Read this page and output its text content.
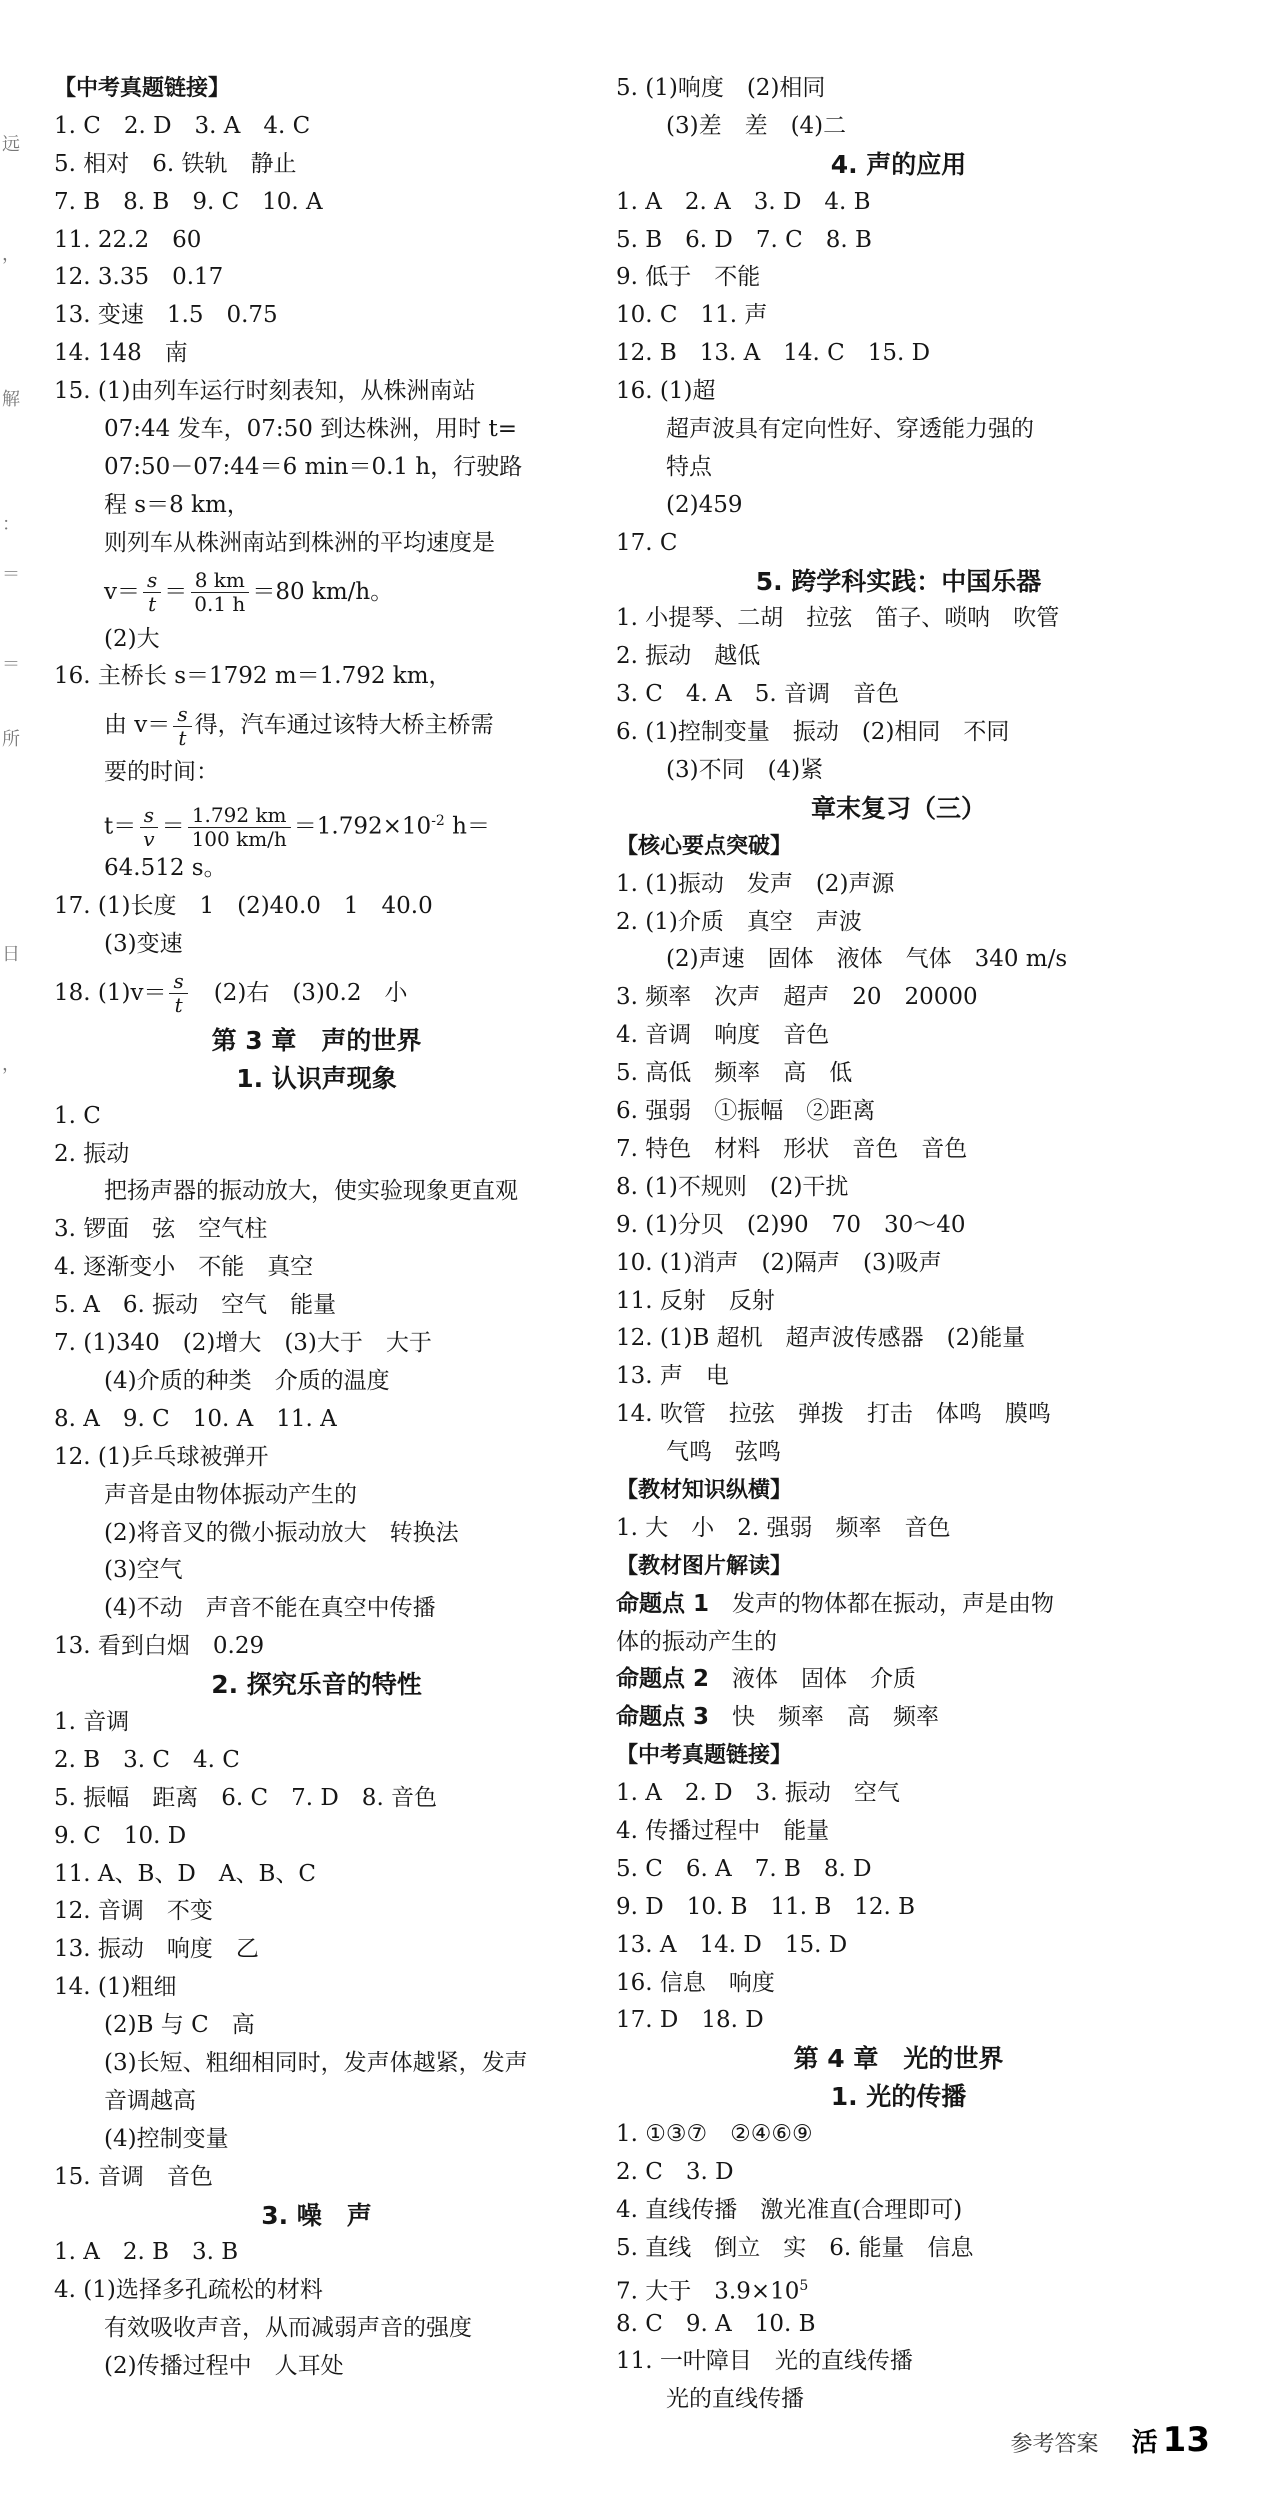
远
，
解
：
＝
＝
所
日
，
【中考真题链接】
1. C　2. D　3. A　4. C
5. 相对　6. 铁轨　静止
7. B　8. B　9. C　10. A
11. 22.2　60
12. 3.35　0.17
13. 变速　1.5　0.75
14. 148　南
15. (1)由列车运行时刻表知，从株洲南站
07:44 发车，07:50 到达株洲，用时 t=
07:50－07:44＝6 min＝0.1 h，行驶路
程 s＝8 km，
则列车从株洲南站到株洲的平均速度是
$v= \frac{s}{t} = \frac{8 km}{0.1 h} =80$ km/h。
(2)大
16. 主桥长 s＝1792 m＝1.792 km，
由 $v= \frac{s}{t}$ 得，汽车通过该特大桥主桥需
要的时间：
$t= \frac{s}{v} = \frac{1.792 km}{100 km/h} =1.792\times 10^{-2}$ h＝
64.512 s。
17. (1)长度　1　(2)40.0　1　40.0
(3)变速
18. $(1)v= \frac{s}{t}$ 　(2)右　(3)0.2　小
第 3 章　声的世界
1. 认识声现象
1. C
2. 振动
把扬声器的振动放大，使实验现象更直观
3. 锣面　弦　空气柱
4. 逐渐变小　不能　真空
5. A　6. 振动　空气　能量
7. (1)340　(2)增大　(3)大于　大于
(4)介质的种类　介质的温度
8. A　9. C　10. A　11. A
12. (1)乒乓球被弹开
声音是由物体振动产生的
(2)将音叉的微小振动放大　转换法
(3)空气
(4)不动　声音不能在真空中传播
13. 看到白烟　0.29
2. 探究乐音的特性
1. 音调
2. B　3. C　4. C
5. 振幅　距离　6. C　7. D　8. 音色
9. C　10. D
11. A、B、D　A、B、C
12. 音调　不变
13. 振动　响度　乙
14. (1)粗细
(2)B 与 C　高
(3)长短、粗细相同时，发声体越紧，发声
音调越高
(4)控制变量
15. 音调　音色
3. 噪　声
1. A　2. B　3. B
4. (1)选择多孔疏松的材料
有效吸收声音，从而减弱声音的强度
(2)传播过程中　人耳处
5. (1)响度　(2)相同
(3)差　差　(4)二
4. 声的应用
1. A　2. A　3. D　4. B
5. B　6. D　7. C　8. B
9. 低于　不能
10. C　11. 声
12. B　13. A　14. C　15. D
16. (1)超
超声波具有定向性好、穿透能力强的
特点
(2)459
17. C
5. 跨学科实践：中国乐器
1. 小提琴、二胡　拉弦　笛子、唢呐　吹管
2. 振动　越低
3. C　4. A　5. 音调　音色
6. (1)控制变量　振动　(2)相同　不同
(3)不同　(4)紧
章末复习（三）
【核心要点突破】
1. (1)振动　发声　(2)声源
2. (1)介质　真空　声波
(2)声速　固体　液体　气体　340 m/s
3. 频率　次声　超声　20　20000
4. 音调　响度　音色
5. 高低　频率　高　低
6. 强弱　①振幅　②距离
7. 特色　材料　形状　音色　音色
8. (1)不规则　(2)干扰
9. (1)分贝　(2)90　70　30～40
10. (1)消声　(2)隔声　(3)吸声
11. 反射　反射
12. (1)B 超机　超声波传感器　(2)能量
13. 声　电
14. 吹管　拉弦　弹拨　打击　体鸣　膜鸣
气鸣　弦鸣
【教材知识纵横】
1. 大　小　2. 强弱　频率　音色
【教材图片解读】
命题点 1　发声的物体都在振动，声是由物
体的振动产生的
命题点 2　液体　固体　介质
命题点 3　快　频率　高　频率
【中考真题链接】
1. A　2. D　3. 振动　空气
4. 传播过程中　能量
5. C　6. A　7. B　8. D
9. D　10. B　11. B　12. B
13. A　14. D　15. D
16. 信息　响度
17. D　18. D
第 4 章　光的世界
1. 光的传播
1. ①③⑦　②④⑥⑨
2. C　3. D
4. 直线传播　激光准直(合理即可)
5. 直线　倒立　实　6. 能量　信息
7. 大于　$3.9\times 10^5$
8. C　9. A　10. B
11. 一叶障目　光的直线传播
光的直线传播
参考答案 活 13
